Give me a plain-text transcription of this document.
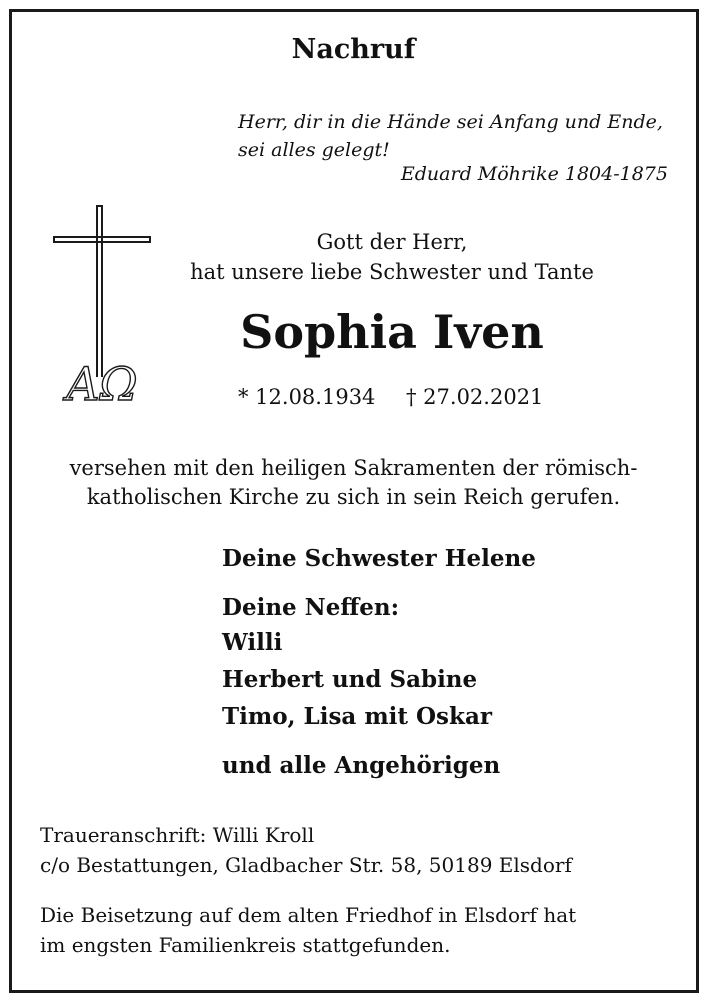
Nachruf
Herr, dir in die Hände sei Anfang und Ende,
sei alles gelegt!
Eduard Möhrike 1804-1875
AΩ
Gott der Herr,
hat unsere liebe Schwester und Tante
Sophia Iven
* 12.08.1934 † 27.02.2021
versehen mit den heiligen Sakramenten der römisch-
katholischen Kirche zu sich in sein Reich gerufen.
Deine Schwester Helene
Deine Neffen:
Willi
Herbert und Sabine
Timo, Lisa mit Oskar
und alle Angehörigen
Traueranschrift: Willi Kroll
c/o Bestattungen, Gladbacher Str. 58, 50189 Elsdorf
Die Beisetzung auf dem alten Friedhof in Elsdorf hat
im engsten Familienkreis stattgefunden.
